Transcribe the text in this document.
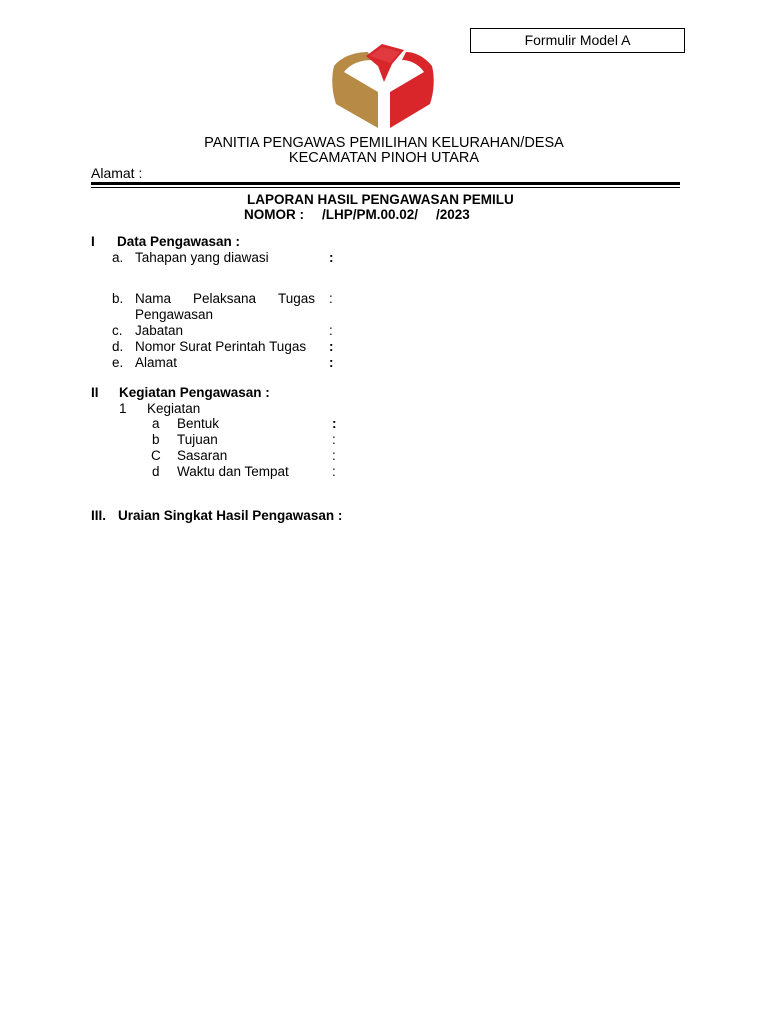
Formulir Model A
PANITIA PENGAWAS PEMILIHAN KELURAHAN/DESA
KECAMATAN PINOH UTARA
Alamat :
LAPORAN HASIL PENGAWASAN PEMILU
NOMOR : /LHP/PM.00.02/ /2023
I Data Pengawasan :
a. Tahapan yang diawasi	:
b. Nama Pelaksana Tugas :
Pengawasan
c. Jabatan	:
d. Nomor Surat Perintah Tugas :
e. Alamat	:
II Kegiatan Pengawasan :
1 Kegiatan
a Bentuk	:
b Tujuan	:
C Sasaran	:
d Waktu dan Tempat	:
III. Uraian Singkat Hasil Pengawasan :
